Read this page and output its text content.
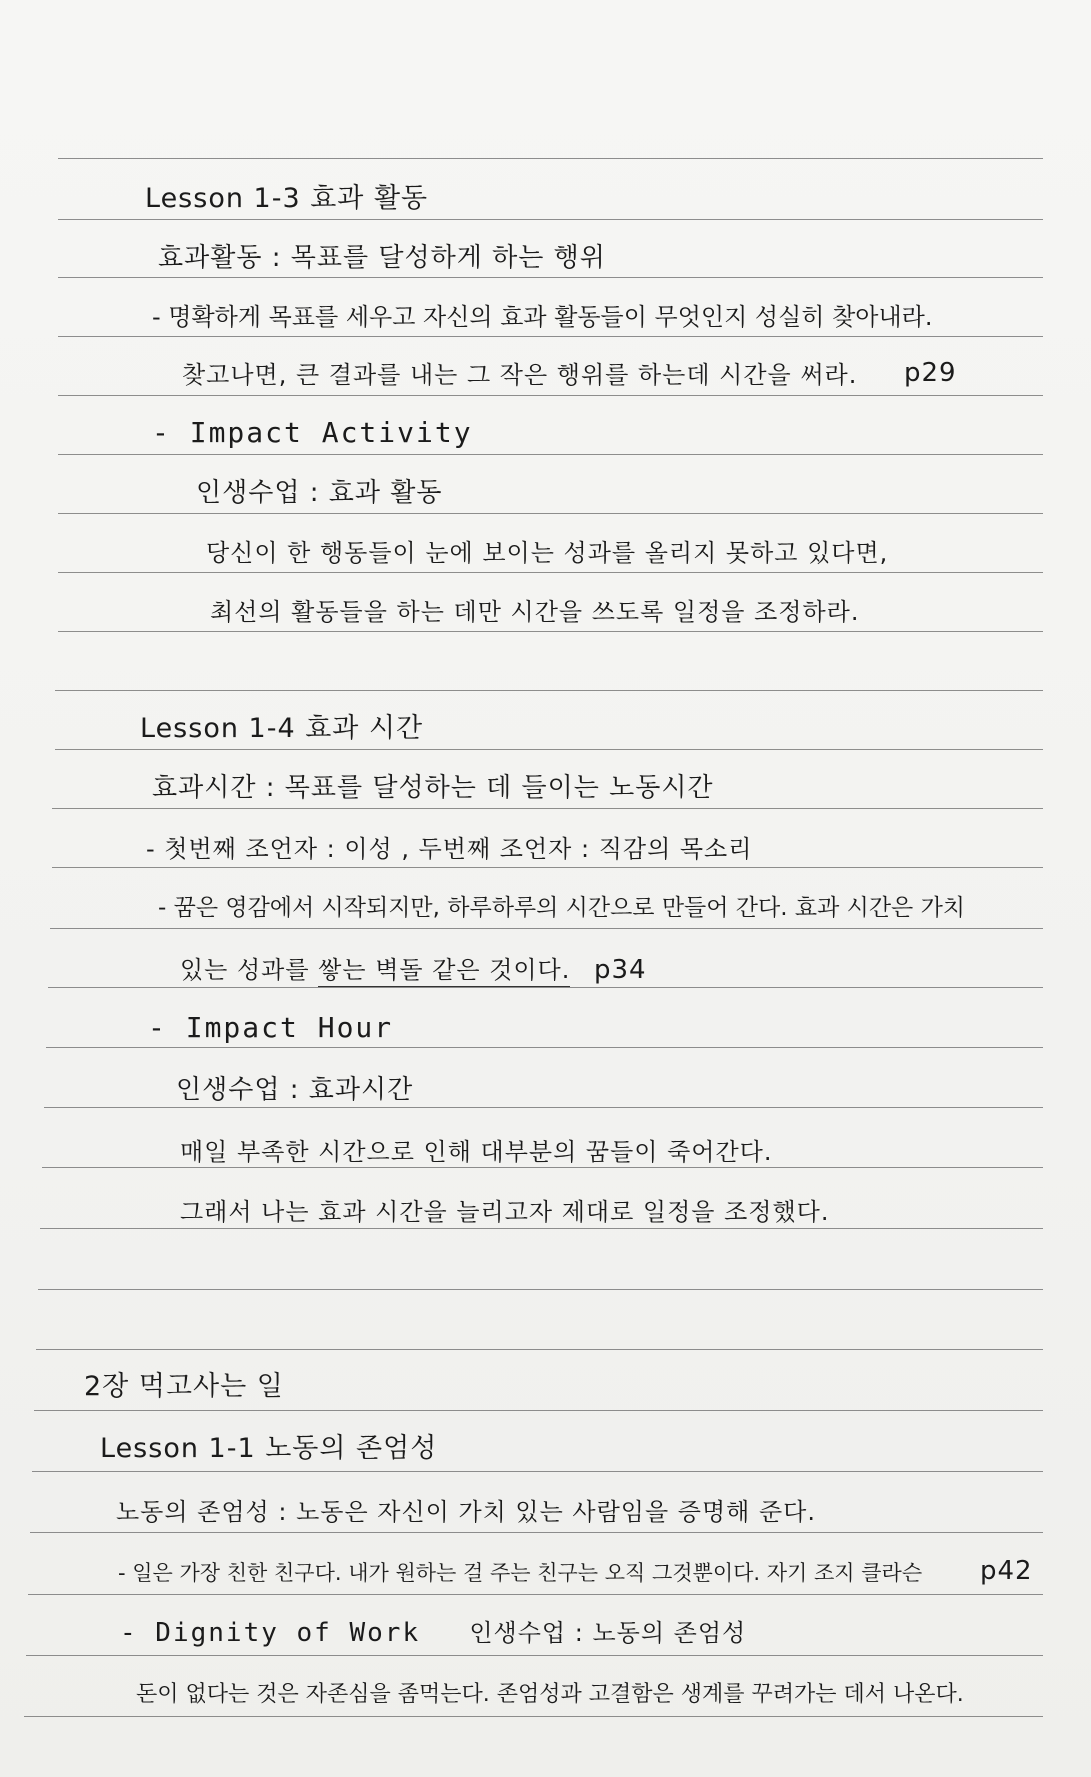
Lesson 1-3 효과 활동
효과활동 : 목표를 달성하게 하는 행위
- 명확하게 목표를 세우고 자신의 효과 활동들이 무엇인지 성실히 찾아내라.
찾고나면, 큰 결과를 내는 그 작은 행위를 하는데 시간을 써라. p29
- Impact Activity
인생수업 : 효과 활동
당신이 한 행동들이 눈에 보이는 성과를 올리지 못하고 있다면,
최선의 활동들을 하는 데만 시간을 쓰도록 일정을 조정하라.
Lesson 1-4 효과 시간
효과시간 : 목표를 달성하는 데 들이는 노동시간
- 첫번째 조언자 : 이성 , 두번째 조언자 : 직감의 목소리
- 꿈은 영감에서 시작되지만, 하루하루의 시간으로 만들어 간다. 효과 시간은 가치
있는 성과를 쌓는 벽돌 같은 것이다. p34
- Impact Hour
인생수업 : 효과시간
매일 부족한 시간으로 인해 대부분의 꿈들이 죽어간다.
그래서 나는 효과 시간을 늘리고자 제대로 일정을 조정했다.
2장 먹고사는 일
Lesson 1-1 노동의 존엄성
노동의 존엄성 : 노동은 자신이 가치 있는 사람임을 증명해 준다.
- 일은 가장 친한 친구다. 내가 원하는 걸 주는 친구는 오직 그것뿐이다. 자기 조지 클라슨 p42
- Dignity of Work 인생수업 : 노동의 존엄성
돈이 없다는 것은 자존심을 좀먹는다. 존엄성과 고결함은 생계를 꾸려가는 데서 나온다.
